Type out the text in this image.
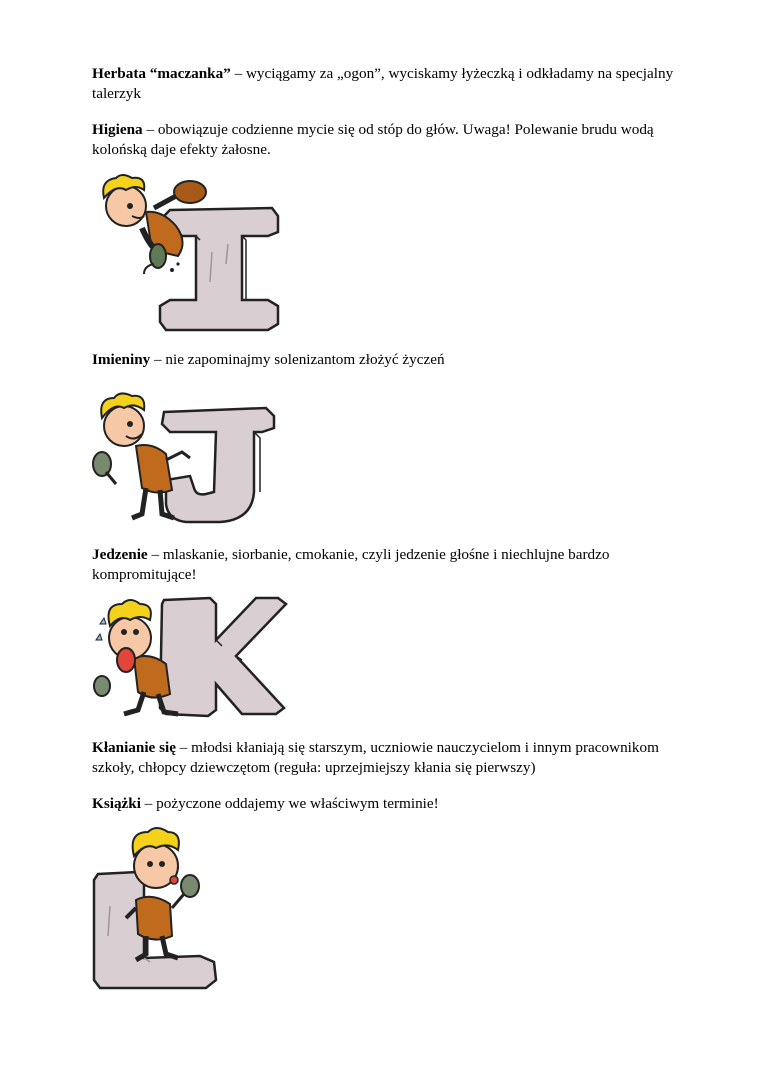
Herbata “maczanka” – wyciągamy za „ogon”, wyciskamy łyżeczką i odkładamy na specjalny talerzyk
Higiena – obowiązuje codzienne mycie się od stóp do głów. Uwaga! Polewanie brudu wodą kolońską daje efekty żałosne.
Imieniny – nie zapominajmy solenizantom złożyć życzeń
Jedzenie – mlaskanie, siorbanie, cmokanie, czyli jedzenie głośne i niechlujne bardzo kompromitujące!
Kłanianie się – młodsi kłaniają się starszym, uczniowie nauczycielom i innym pracownikom szkoły, chłopcy dziewczętom (reguła: uprzejmiejszy kłania się pierwszy)
Książki – pożyczone oddajemy we właściwym terminie!
